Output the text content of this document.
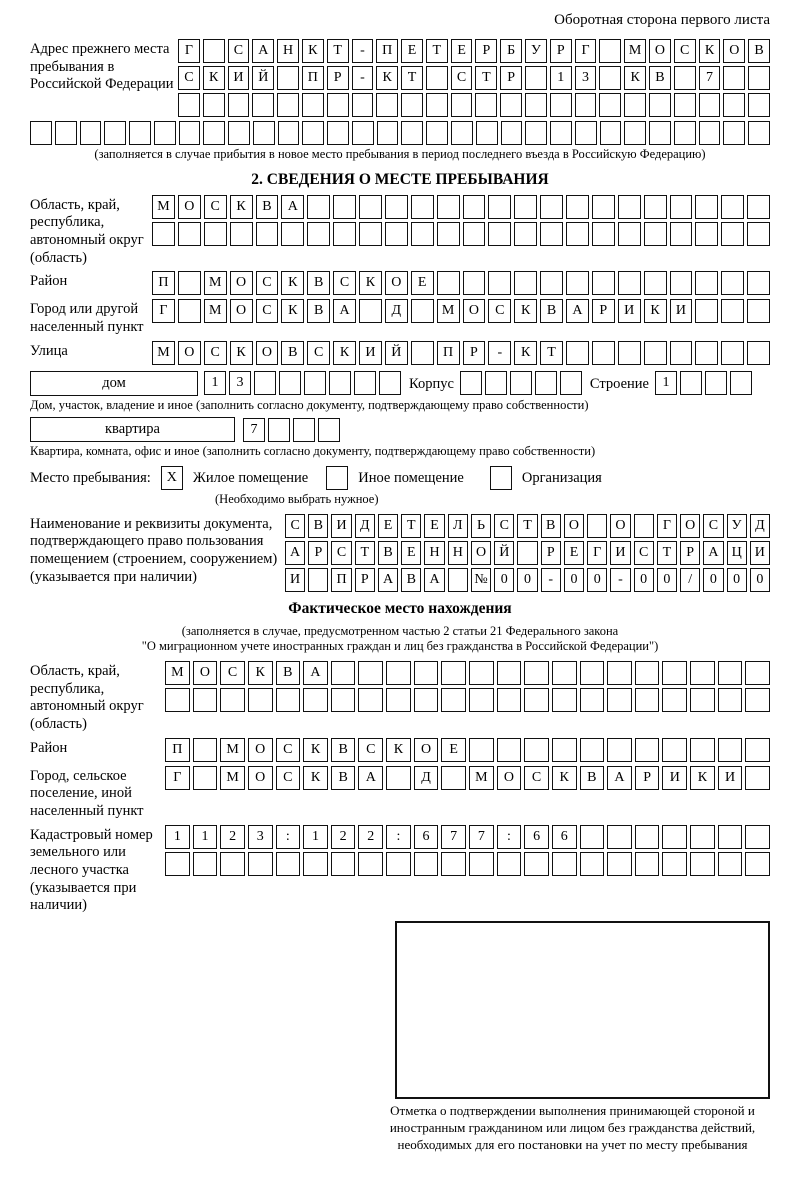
Оборотная сторона первого листа
Адрес прежнего места пребывания в Российской Федерации
Г	С	А	Н	К	Т	-	П	Е	Т	Е	Р	Б	У	Р	Г	М О	С	К	О	В
С	К	И	Й	П	Р	-	К	Т	С	Т	Р	1	3	К	В	7
(заполняется в случае прибытия в новое место пребывания в период последнего въезда в Российскую Федерацию)
2. СВЕДЕНИЯ О МЕСТЕ ПРЕБЫВАНИЯ
Область, край, республика, автономный округ (область)
М	О	С	К	В	А
Район	П	М	О	С	К	В	С	К	О	Е
Город или другой населенный пункт
Г	М	О	С	К	В	А	Д	М	О	С	К	В	А	Р	И	К	И
Улица	М	О	С	К	О	В	С	К	И	Й	П	Р	-	К	Т
дом	1	3	Корпус	Строение 1
Дом, участок, владение и иное (заполнить согласно документу, подтверждающему право собственности)
квартира	7
Квартира, комната, офис и иное (заполнить согласно документу, подтверждающему право собственности)
Место пребывания:	X	Жилое помещение	Иное помещение	Организация
(Необходимо выбрать нужное)
Наименование и реквизиты документа, подтверждающего право пользования помещением (строением, сооружением) (указывается при наличии)
С В И Д	Е	Т	Е	Л	Ь	С	Т	В О	О	Г	О С У Д
А	Р	С	Т	В	Е Н Н О Й	Р	Е	Г	И С	Т	Р	А Ц И
И	П	Р	А В А	№ 0	0	-	0	0	-	0	0	/	0	0	0
Фактическое место нахождения
(заполняется в случае, предусмотренном частью 2 статьи 21 Федерального закона
"О миграционном учете иностранных граждан и лиц без гражданства в Российской Федерации")
Область, край, республика, автономный округ (область)
М	О	С	К	В	А
Район	П	М	О	С	К	В	С	К	О	Е
Город, сельское поселение, иной населенный пункт
Г	М	О	С	К	В	А	Д	М	О	С	К	В	А	Р	И	К	И
Кадастровый номер земельного или лесного участка (указывается при наличии)
1	1	2	3	:	1	2	2	:	6	7	7	:	6	6
Отметка о подтверждении выполнения принимающей стороной и иностранным гражданином или лицом без гражданства действий, необходимых для его постановки на учет по месту пребывания
